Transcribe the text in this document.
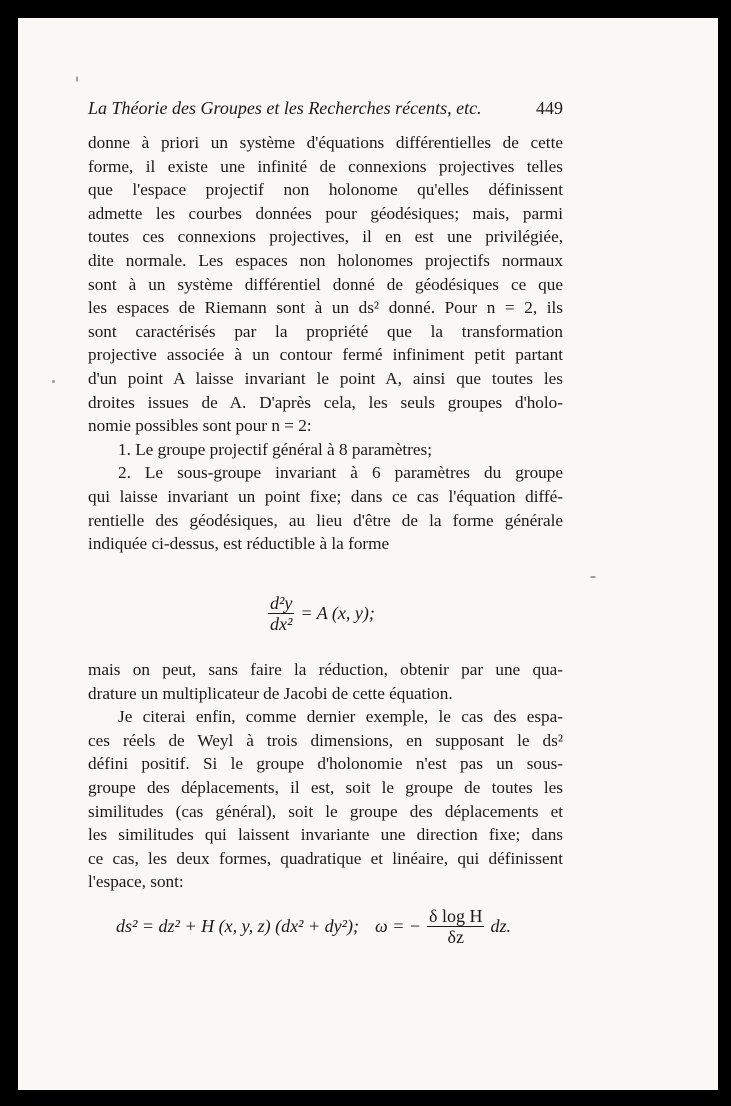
La Théorie des Groupes et les Recherches récents, etc.	449
donne à priori un système d'équations différentielles de cette
forme, il existe une infinité de connexions projectives telles
que l'espace projectif non holonome qu'elles définissent
admette les courbes données pour géodésiques; mais, parmi
toutes ces connexions projectives, il en est une privilégiée,
dite normale. Les espaces non holonomes projectifs normaux
sont à un système différentiel donné de géodésiques ce que
les espaces de Riemann sont à un ds² donné. Pour n = 2, ils
sont caractérisés par la propriété que la transformation
projective associée à un contour fermé infiniment petit partant
d'un point A laisse invariant le point A, ainsi que toutes les
droites issues de A. D'après cela, les seuls groupes d'holo-
nomie possibles sont pour n = 2:
1. Le groupe projectif général à 8 paramètres;
2. Le sous-groupe invariant à 6 paramètres du groupe
qui laisse invariant un point fixe; dans ce cas l'équation diffé-
rentielle des géodésiques, au lieu d'être de la forme générale
indiquée ci-dessus, est réductible à la forme
$\frac{\text{d²y}}{\text{dx²}} = A$ (x, y);
mais on peut, sans faire la réduction, obtenir par une qua-
drature un multiplicateur de Jacobi de cette équation.
Je citerai enfin, comme dernier exemple, le cas des espa-
ces réels de Weyl à trois dimensions, en supposant le ds²
défini positif. Si le groupe d'holonomie n'est pas un sous-
groupe des déplacements, il est, soit le groupe de toutes les
similitudes (cas général), soit le groupe des déplacements et
les similitudes qui laissent invariante une direction fixe; dans
ce cas, les deux formes, quadratique et linéaire, qui définissent
l'espace, sont:
ds² = dz² + H (x, y, z) (dx² + dy²); ω = − $\frac{\text{δ log H}}{\delta z}$ dz.
